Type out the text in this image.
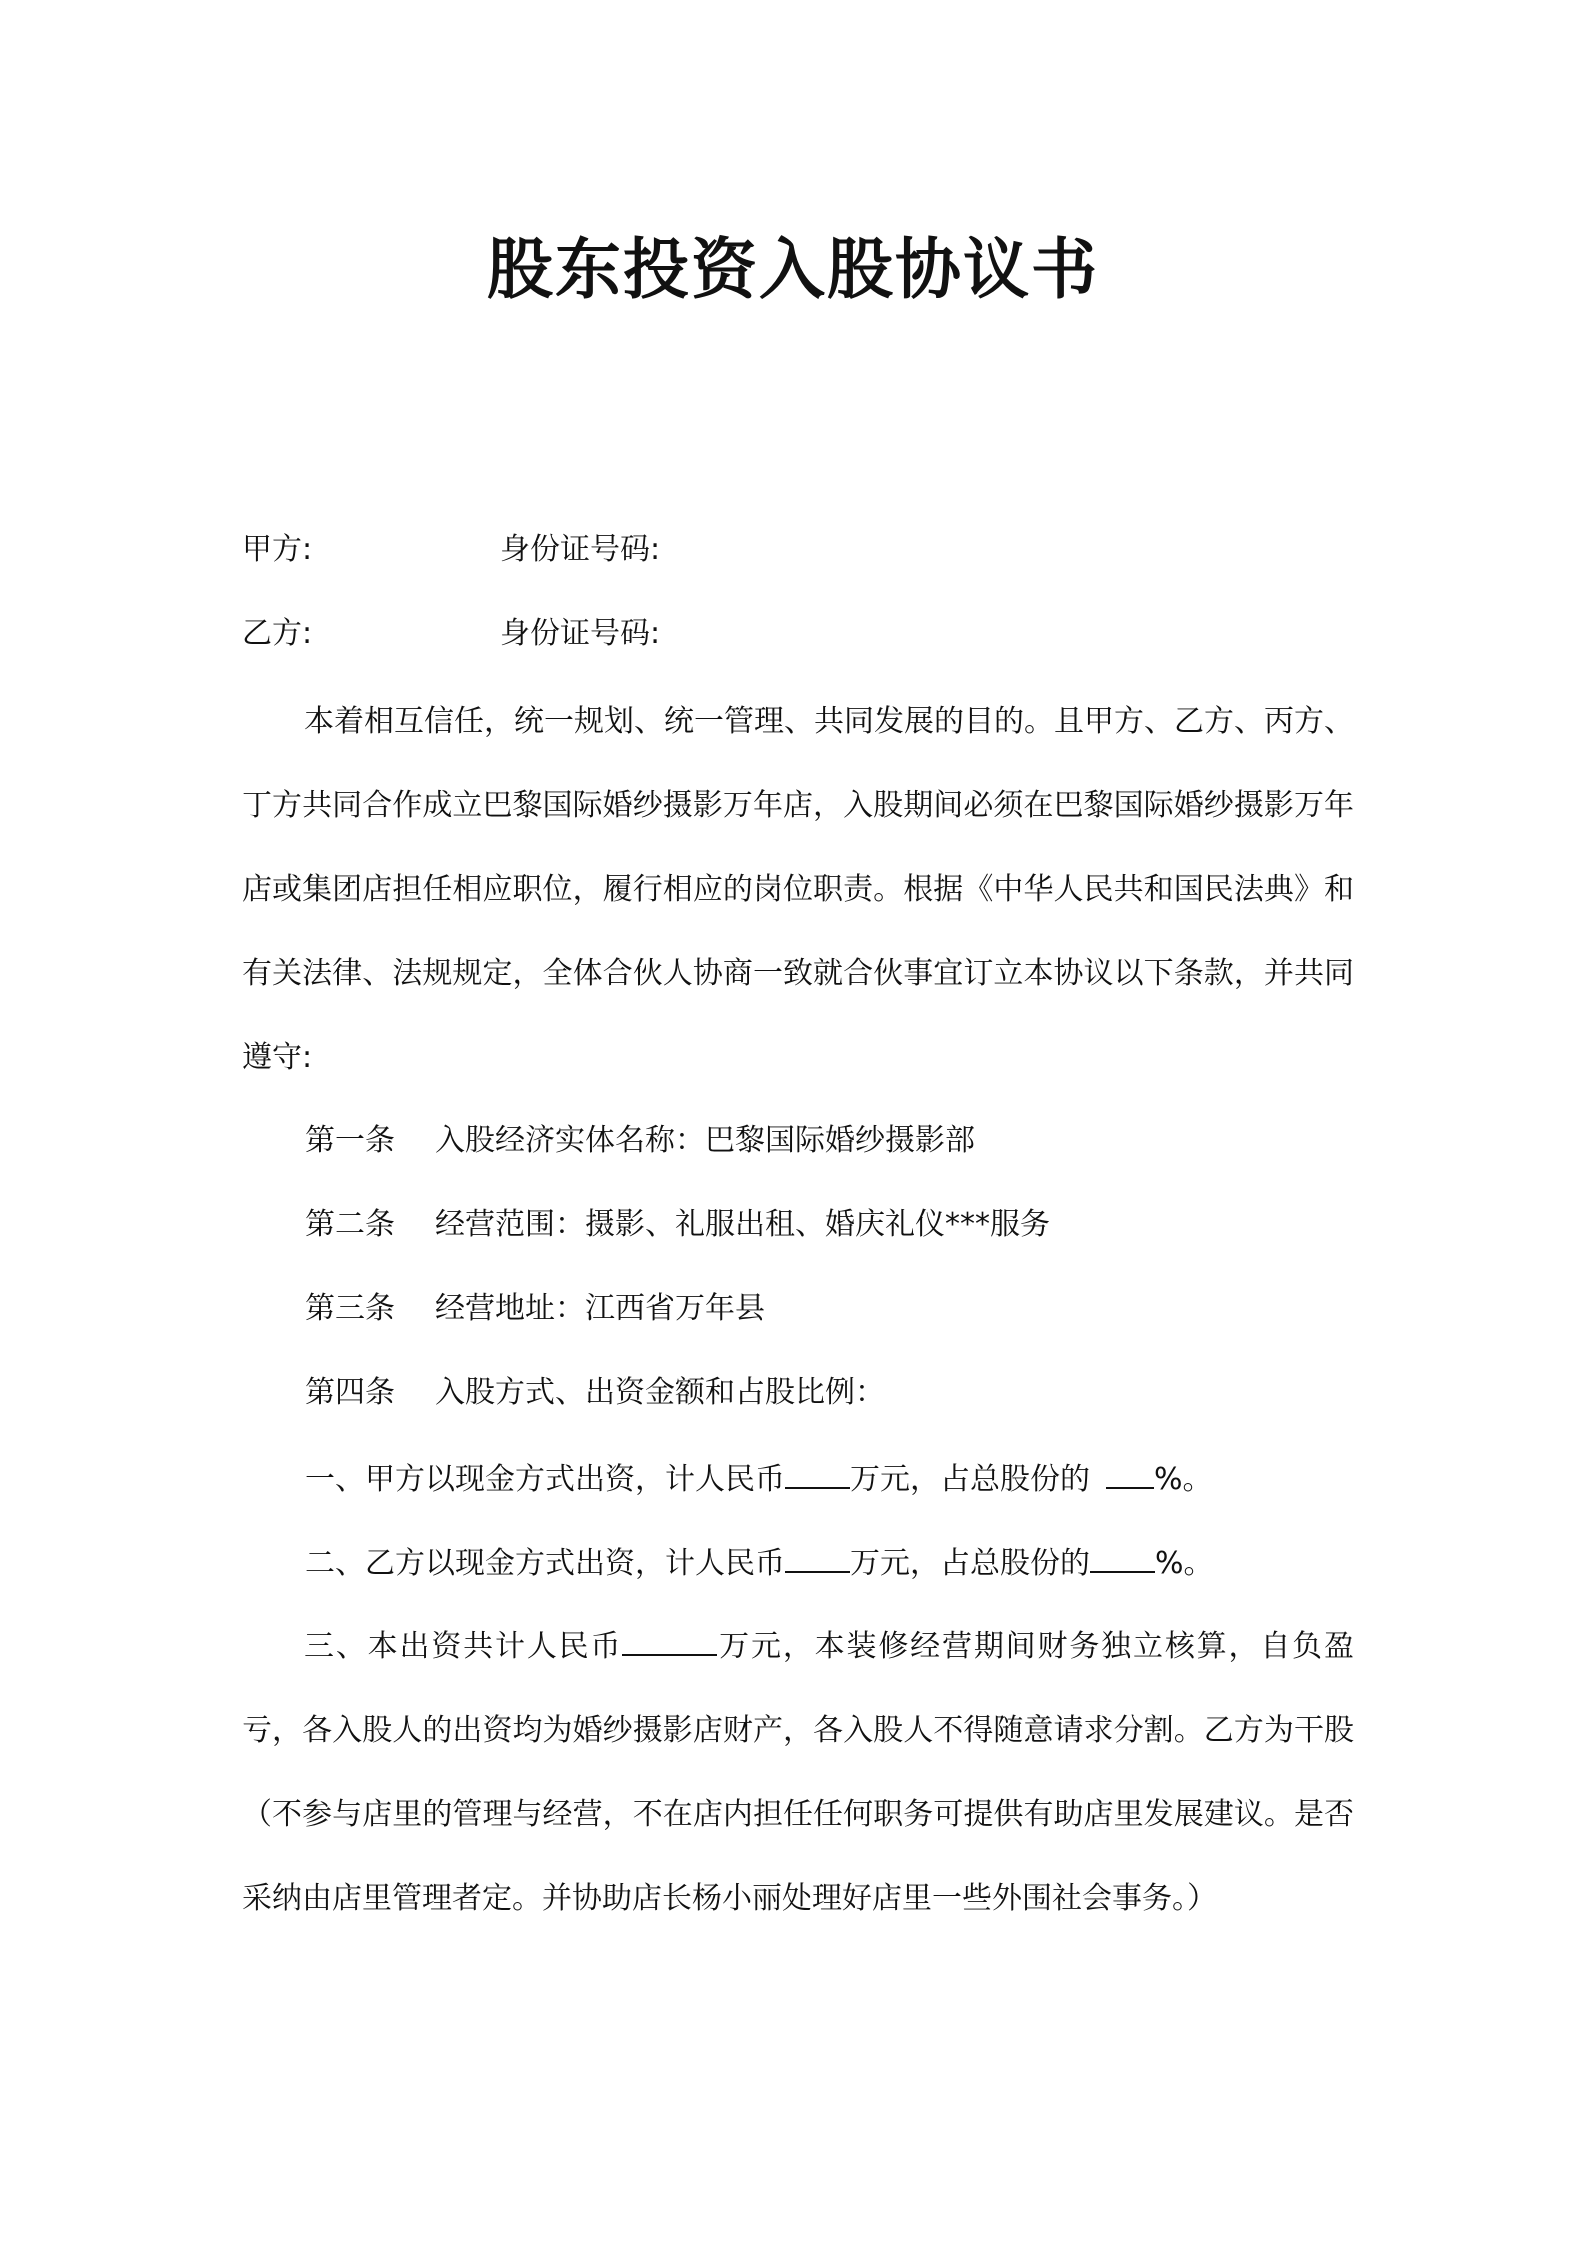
股东投资入股协议书

甲方:	身份证号码:

乙方:	身份证号码:

本着相互信任，统一规划、统一管理、共同发展的目的。且甲方、乙方、丙方、丁方共同合作成立巴黎国际婚纱摄影万年店，入股期间必须在巴黎国际婚纱摄影万年店或集团店担任相应职位，履行相应的岗位职责。根据《中华人民共和国民法典》和有关法律、法规规定，全体合伙人协商一致就合伙事宜订立本协议以下条款，并共同遵守:

第一条 入股经济实体名称：巴黎国际婚纱摄影部

第二条 经营范围：摄影、礼服出租、婚庆礼仪***服务

第三条 经营地址：江西省万年县

第四条 入股方式、出资金额和占股比例：

一、甲方以现金方式出资，计人民币 万元，占总股份的 %。

二、乙方以现金方式出资，计人民币 万元，占总股份的 %。

三、本出资共计人民币	万元，本装修经营期间财务独立核算，自负盈亏，各入股人的出资均为婚纱摄影店财产，各入股人不得随意请求分割。乙方为干股（不参与店里的管理与经营，不在店内担任任何职务可提供有助店里发展建议。是否采纳由店里管理者定。并协助店长杨小丽处理好店里一些外围社会事务。）
